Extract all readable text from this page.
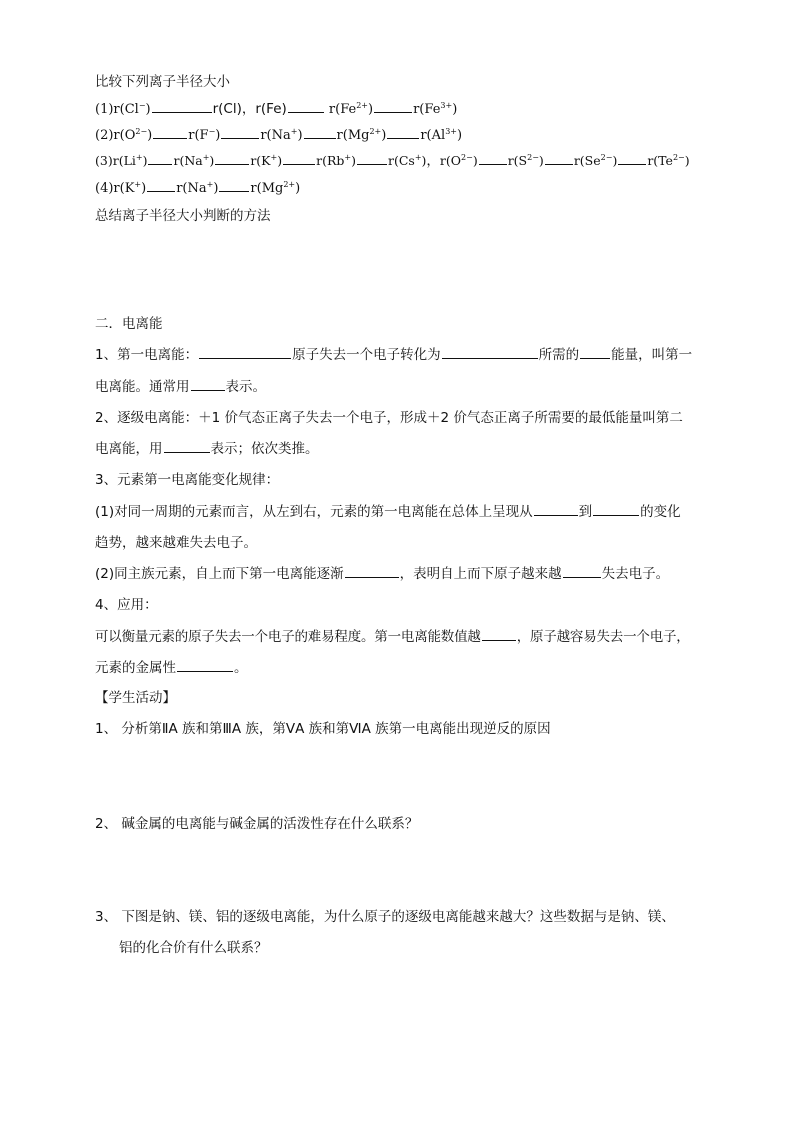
比较下列离子半径大小
(1)r(Cl−)	r(Cl)，r(Fe)	$r(Fe^{2+})$	$r(Fe^{3+})$
$(2)r(O^{2-})$	r(F−)	r(Na+)	$r(Mg^{2+})$	$r(Al^{3+})$
(3)r(Li+) r(Na+)	r(K+)	r(Rb+)	r(Cs+)，$r(O^{2-})$ $r(S^{2-})$ $r(Se^{2-})$ $r(Te^{2-})$
(4)r(K+) r(Na+) $r(Mg^{2+})$
总结离子半径大小判断的方法
二．电离能
1、第一电离能：	原子失去一个电子转化为	所需的 能量，叫第一
电离能。通常用	表示。
2、逐级电离能：＋1 价气态正离子失去一个电子，形成＋2 价气态正离子所需要的最低能量叫第二
电离能，用	表示；依次类推。
3、元素第一电离能变化规律：
(1)对同一周期的元素而言，从左到右，元素的第一电离能在总体上呈现从	到	的变化
趋势，越来越难失去电子。
(2)同主族元素，自上而下第一电离能逐渐	，表明自上而下原子越来越	失去电子。
4、应用：
可以衡量元素的原子失去一个电子的难易程度。第一电离能数值越	，原子越容易失去一个电子，
元素的金属性	。
【学生活动】
1、 分析第ⅡA 族和第ⅢA 族，第ⅤA 族和第ⅥA 族第一电离能出现逆反的原因
2、 碱金属的电离能与碱金属的活泼性存在什么联系？
3、 下图是钠、镁、铝的逐级电离能，为什么原子的逐级电离能越来越大？这些数据与是钠、镁、
铝的化合价有什么联系？
